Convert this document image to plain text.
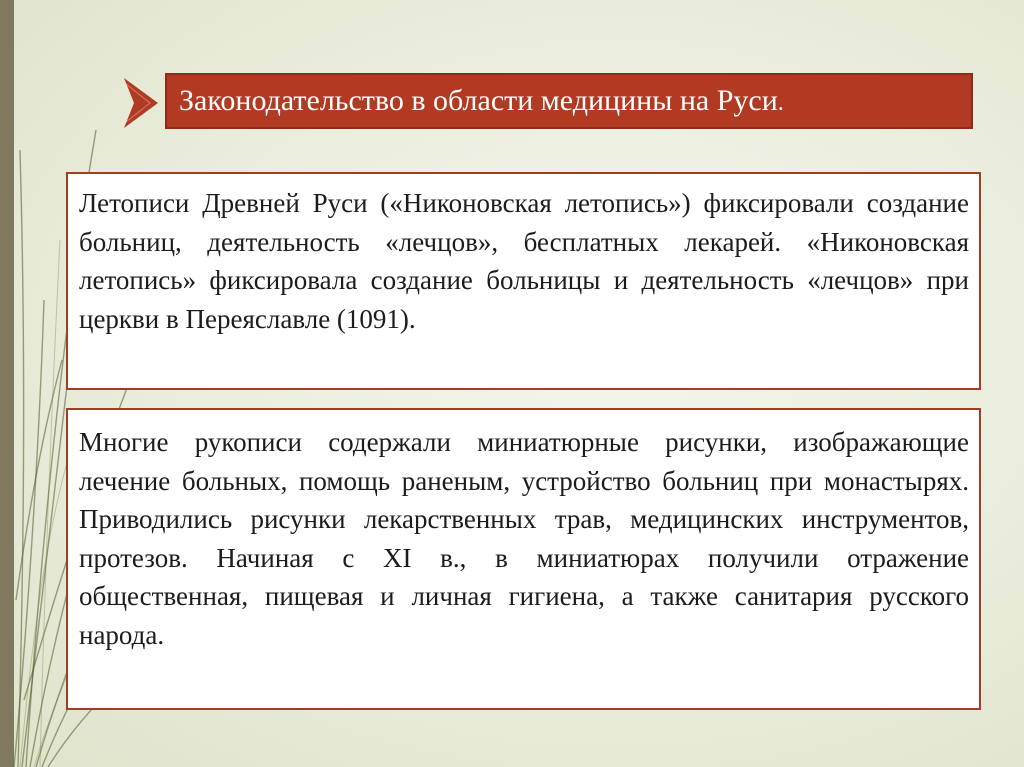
Законодательство в области медицины на Руси.
Летописи Древней Руси («Никоновская летопись») фиксировали создание больниц, деятельность «лечцов», бесплатных лекарей. «Никоновская летопись» фиксировала создание больницы и деятельность «лечцов» при церкви в Переяславле (1091).
Многие рукописи содержали миниатюрные рисунки, изображающие лечение больных, помощь раненым, устройство больниц при монастырях. Приводились рисунки лекарственных трав, медицинских инструментов, протезов. Начиная с XI в., в миниатюрах получили отражение общественная, пищевая и личная гигиена, а также санитария русского народа.
